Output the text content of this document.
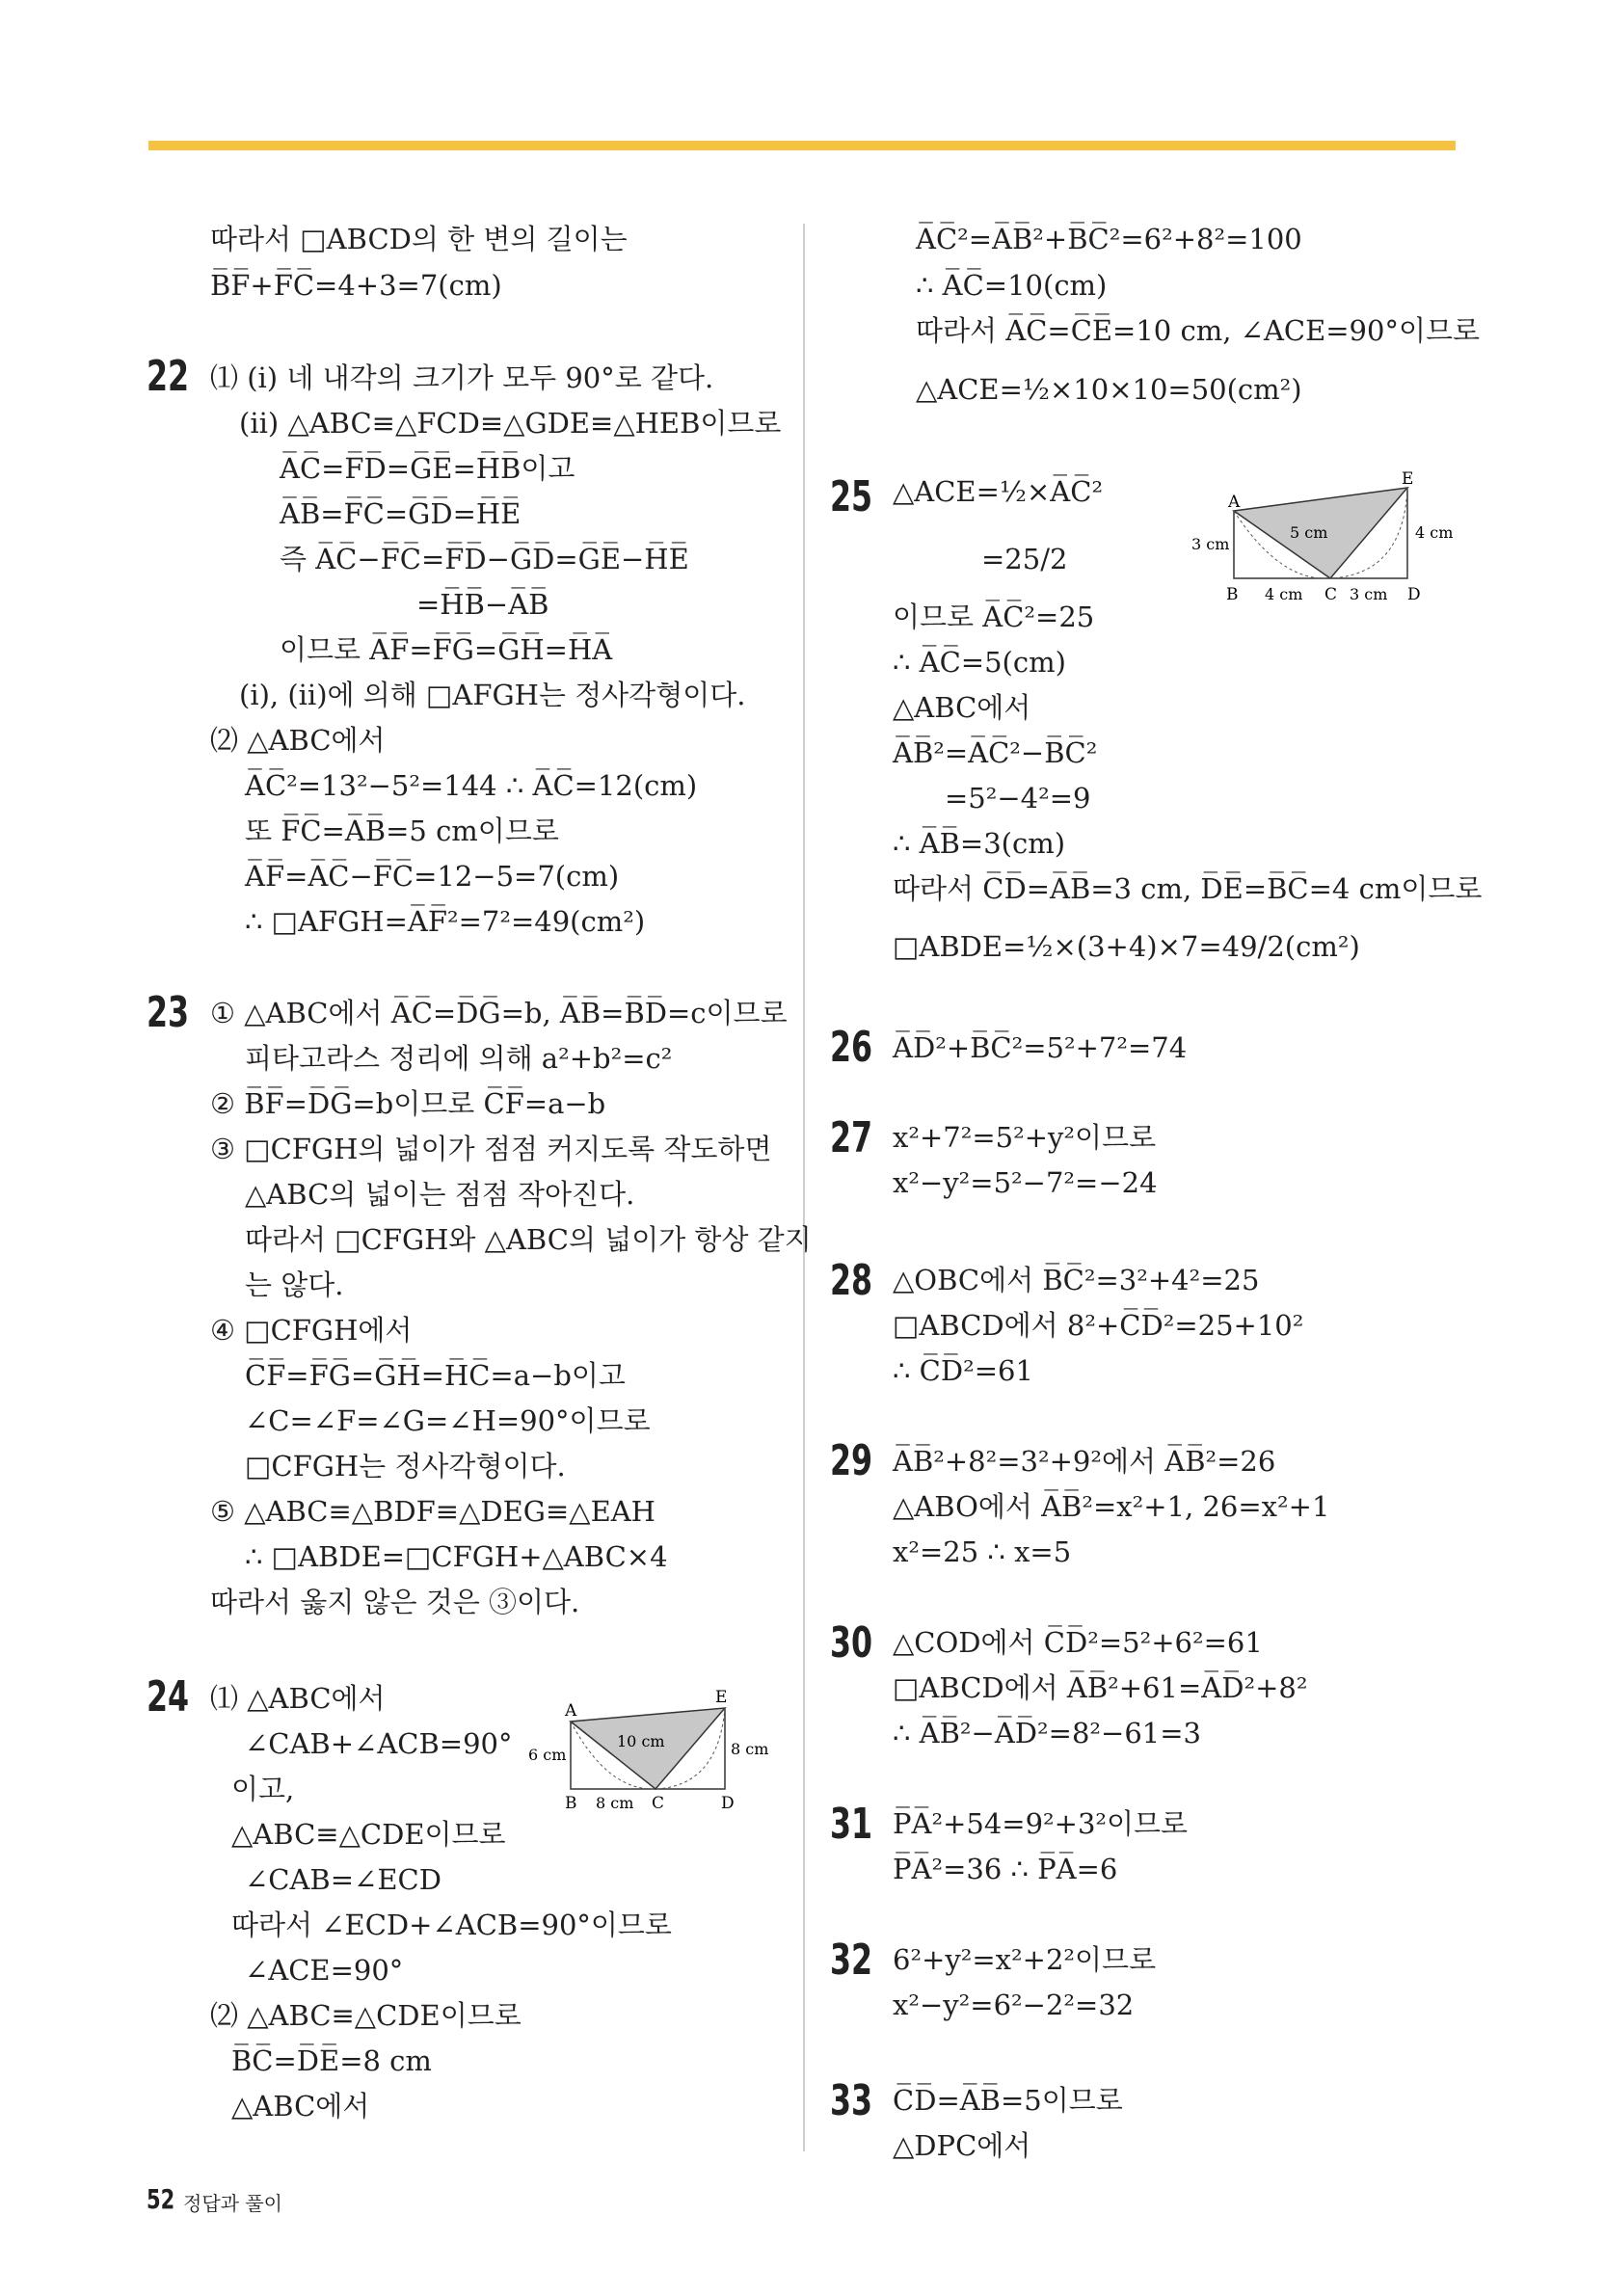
따라서 □ABCD의 한 변의 길이는
B̅F̅+F̅C̅=4+3=7(cm)
22 ⑴ (ⅰ) 네 내각의 크기가 모두 90°로 같다.
(ⅱ) △ABC≡△FCD≡△GDE≡△HEB이므로
A̅C̅=F̅D̅=G̅E̅=H̅B̅이고
A̅B̅=F̅C̅=G̅D̅=H̅E̅
즉 A̅C̅−F̅C̅=F̅D̅−G̅D̅=G̅E̅−H̅E̅
=H̅B̅−A̅B̅
이므로 A̅F̅=F̅G̅=G̅H̅=H̅A̅
(ⅰ), (ⅱ)에 의해 □AFGH는 정사각형이다.
⑵ △ABC에서
A̅C̅²=13²−5²=144 ∴ A̅C̅=12(cm)
또 F̅C̅=A̅B̅=5 cm이므로
A̅F̅=A̅C̅−F̅C̅=12−5=7(cm)
∴ □AFGH=A̅F̅²=7²=49(cm²)
23 ① △ABC에서 A̅C̅=D̅G̅=b, A̅B̅=B̅D̅=c이므로
피타고라스 정리에 의해 a²+b²=c²
② B̅F̅=D̅G̅=b이므로 C̅F̅=a−b
③ □CFGH의 넓이가 점점 커지도록 작도하면
△ABC의 넓이는 점점 작아진다.
따라서 □CFGH와 △ABC의 넓이가 항상 같지
는 않다.
④ □CFGH에서
C̅F̅=F̅G̅=G̅H̅=H̅C̅=a−b이고
∠C=∠F=∠G=∠H=90°이므로
□CFGH는 정사각형이다.
⑤ △ABC≡△BDF≡△DEG≡△EAH
∴ □ABDE=□CFGH+△ABC×4
따라서 옳지 않은 것은 ③이다.
24 ⑴ △ABC에서
∠CAB+∠ACB=90°
이고,
△ABC≡△CDE이므로
∠CAB=∠ECD
따라서 ∠ECD+∠ACB=90°이므로
∠ACE=90°
⑵ △ABC≡△CDE이므로
B̅C̅=D̅E̅=8 cm
△ABC에서
A̅C̅²=A̅B̅²+B̅C̅²=6²+8²=100
∴ A̅C̅=10(cm)
따라서 A̅C̅=C̅E̅=10 cm, ∠ACE=90°이므로
△ACE=½×10×10=50(cm²)
25 △ACE=½×A̅C̅²
=25/2
이므로 A̅C̅²=25
∴ A̅C̅=5(cm)
△ABC에서
A̅B̅²=A̅C̅²−B̅C̅²
=5²−4²=9
∴ A̅B̅=3(cm)
따라서 C̅D̅=A̅B̅=3 cm, D̅E̅=B̅C̅=4 cm이므로
□ABDE=½×(3+4)×7=49/2(cm²)
26 A̅D̅²+B̅C̅²=5²+7²=74
27 x²+7²=5²+y²이므로
x²−y²=5²−7²=−24
28 △OBC에서 B̅C̅²=3²+4²=25
□ABCD에서 8²+C̅D̅²=25+10²
∴ C̅D̅²=61
29 A̅B̅²+8²=3²+9²에서 A̅B̅²=26
△ABO에서 A̅B̅²=x²+1, 26=x²+1
x²=25 ∴ x=5
30 △COD에서 C̅D̅²=5²+6²=61
□ABCD에서 A̅B̅²+61=A̅D̅²+8²
∴ A̅B̅²−A̅D̅²=8²−61=3
31 P̅A̅²+54=9²+3²이므로
P̅A̅²=36 ∴ P̅A̅=6
32 6²+y²=x²+2²이므로
x²−y²=6²−2²=32
33 C̅D̅=A̅B̅=5이므로
△DPC에서
A
E
B	C	D
6 cm
8 cm
10 cm	8 cm
A
E
B	C	D
3 cm
4 cm
5 cm
3 cm
4 cm
52 정답과 풀이
